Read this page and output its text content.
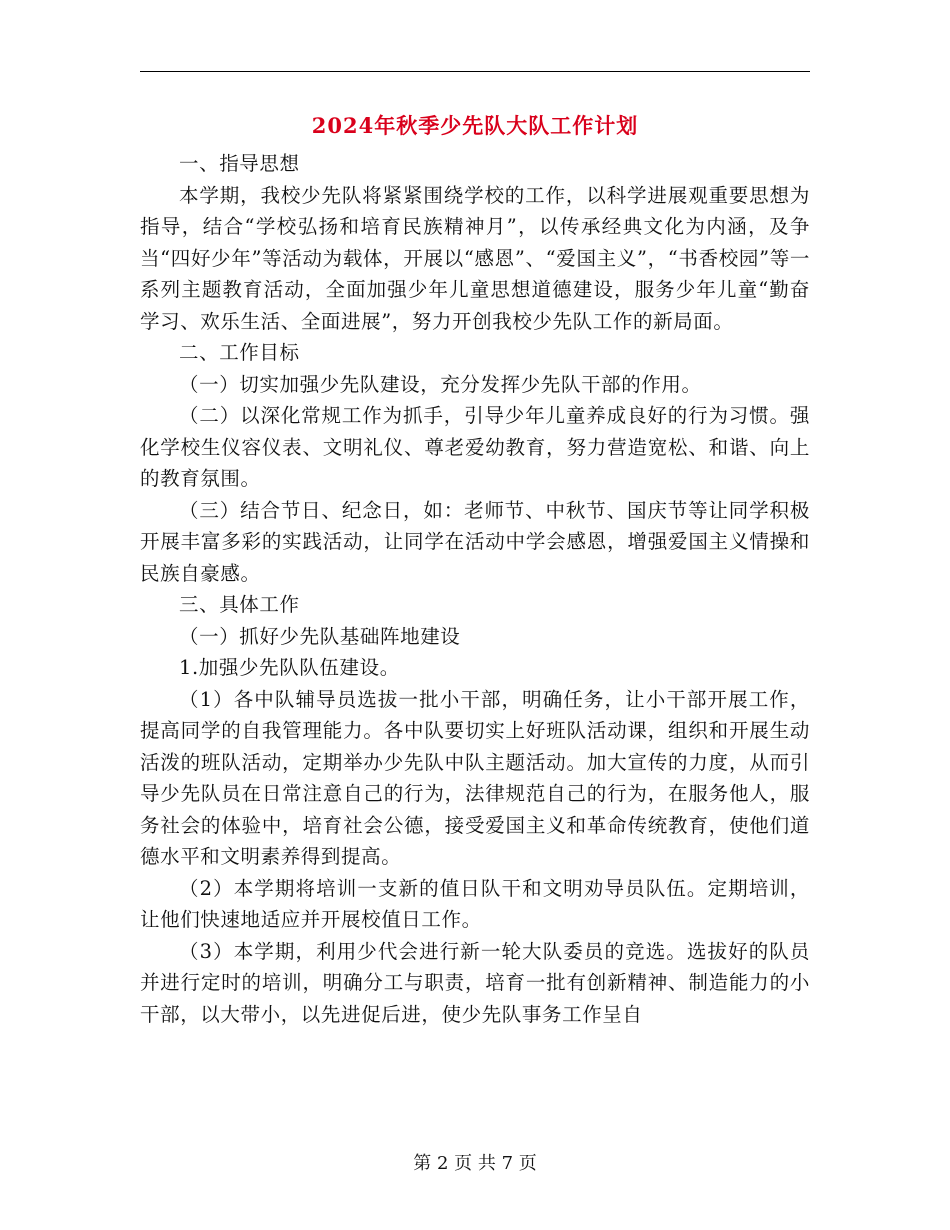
2024年秋季少先队大队工作计划

一、指导思想

本学期，我校少先队将紧紧围绕学校的工作，以科学进展观重要思想为指导，结合“学校弘扬和培育民族精神月”，以传承经典文化为内涵，及争当“四好少年”等活动为载体，开展以“感恩”、“爱国主义”，“书香校园”等一系列主题教育活动，全面加强少年儿童思想道德建设，服务少年儿童“勤奋学习、欢乐生活、全面进展”，努力开创我校少先队工作的新局面。

二、工作目标

（一）切实加强少先队建设，充分发挥少先队干部的作用。

（二）以深化常规工作为抓手，引导少年儿童养成良好的行为习惯。强化学校生仪容仪表、文明礼仪、尊老爱幼教育，努力营造宽松、和谐、向上的教育氛围。

（三）结合节日、纪念日，如：老师节、中秋节、国庆节等让同学积极开展丰富多彩的实践活动，让同学在活动中学会感恩，增强爱国主义情操和民族自豪感。

三、具体工作

（一）抓好少先队基础阵地建设

1.加强少先队队伍建设。

（1）各中队辅导员选拔一批小干部，明确任务，让小干部开展工作，提高同学的自我管理能力。各中队要切实上好班队活动课，组织和开展生动活泼的班队活动，定期举办少先队中队主题活动。加大宣传的力度，从而引导少先队员在日常注意自己的行为，法律规范自己的行为，在服务他人，服务社会的体验中，培育社会公德，接受爱国主义和革命传统教育，使他们道德水平和文明素养得到提高。

（2）本学期将培训一支新的值日队干和文明劝导员队伍。定期培训，让他们快速地适应并开展校值日工作。

（3）本学期，利用少代会进行新一轮大队委员的竞选。选拔好的队员并进行定时的培训，明确分工与职责，培育一批有创新精神、制造能力的小干部，以大带小，以先进促后进，使少先队事务工作呈自

第 2 页 共 7 页
